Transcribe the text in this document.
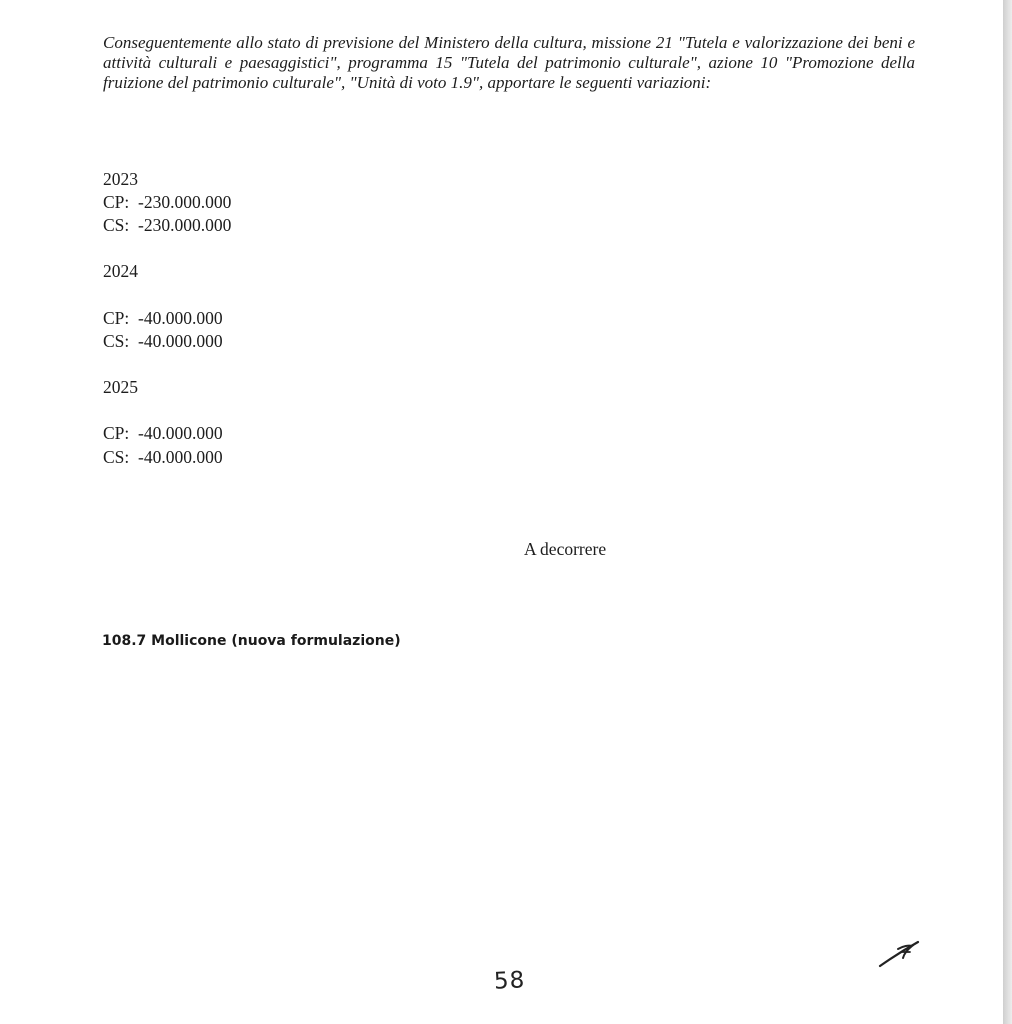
Conseguentemente allo stato di previsione del Ministero della cultura, missione 21 "Tutela e valorizzazione dei beni e attività culturali e paesaggistici", programma 15 "Tutela del patrimonio culturale", azione 10 "Promozione della fruizione del patrimonio culturale", "Unità di voto 1.9", apportare le seguenti variazioni:

2023

CP:  -230.000.000

CS:  -230.000.000

2024

CP:  -40.000.000

CS:  -40.000.000

2025

CP:  -40.000.000

CS:  -40.000.000

A decorrere

108.7 Mollicone (nuova formulazione)

58
